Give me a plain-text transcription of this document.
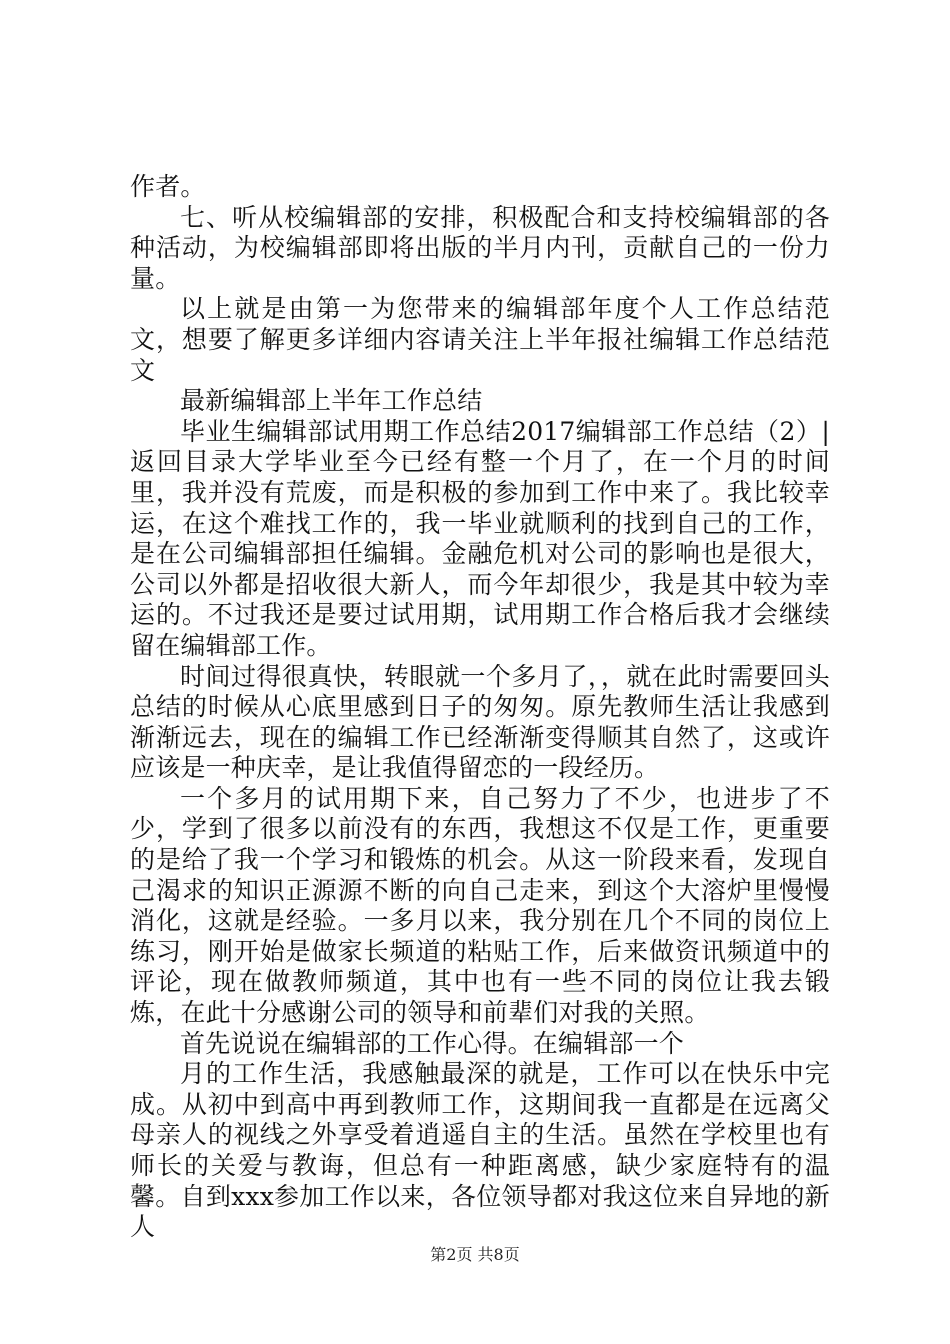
作者。

七、听从校编辑部的安排，积极配合和支持校编辑部的各种活动，为校编辑部即将出版的半月内刊，贡献自己的一份力量。

以上就是由第一为您带来的编辑部年度个人工作总结范文，想要了解更多详细内容请关注上半年报社编辑工作总结范文

最新编辑部上半年工作总结

毕业生编辑部试用期工作总结2017编辑部工作总结（2）|返回目录大学毕业至今已经有整一个月了，在一个月的时间里，我并没有荒废，而是积极的参加到工作中来了。我比较幸运，在这个难找工作的，我一毕业就顺利的找到自己的工作，是在公司编辑部担任编辑。金融危机对公司的影响也是很大，公司以外都是招收很大新人，而今年却很少，我是其中较为幸运的。不过我还是要过试用期，试用期工作合格后我才会继续留在编辑部工作。

时间过得很真快，转眼就一个多月了，，就在此时需要回头总结的时候从心底里感到日子的匆匆。原先教师生活让我感到渐渐远去，现在的编辑工作已经渐渐变得顺其自然了，这或许应该是一种庆幸，是让我值得留恋的一段经历。

一个多月的试用期下来，自己努力了不少，也进步了不少，学到了很多以前没有的东西，我想这不仅是工作，更重要的是给了我一个学习和锻炼的机会。从这一阶段来看，发现自己渴求的知识正源源不断的向自己走来，到这个大溶炉里慢慢消化，这就是经验。一多月以来，我分别在几个不同的岗位上练习，刚开始是做家长频道的粘贴工作，后来做资讯频道中的评论，现在做教师频道，其中也有一些不同的岗位让我去锻炼，在此十分感谢公司的领导和前辈们对我的关照。

首先说说在编辑部的工作心得。在编辑部一个

月的工作生活，我感触最深的就是，工作可以在快乐中完成。从初中到高中再到教师工作，这期间我一直都是在远离父母亲人的视线之外享受着逍遥自主的生活。虽然在学校里也有师长的关爱与教诲，但总有一种距离感，缺少家庭特有的温馨。自到xxx参加工作以来，各位领导都对我这位来自异地的新人

第2页 共8页
